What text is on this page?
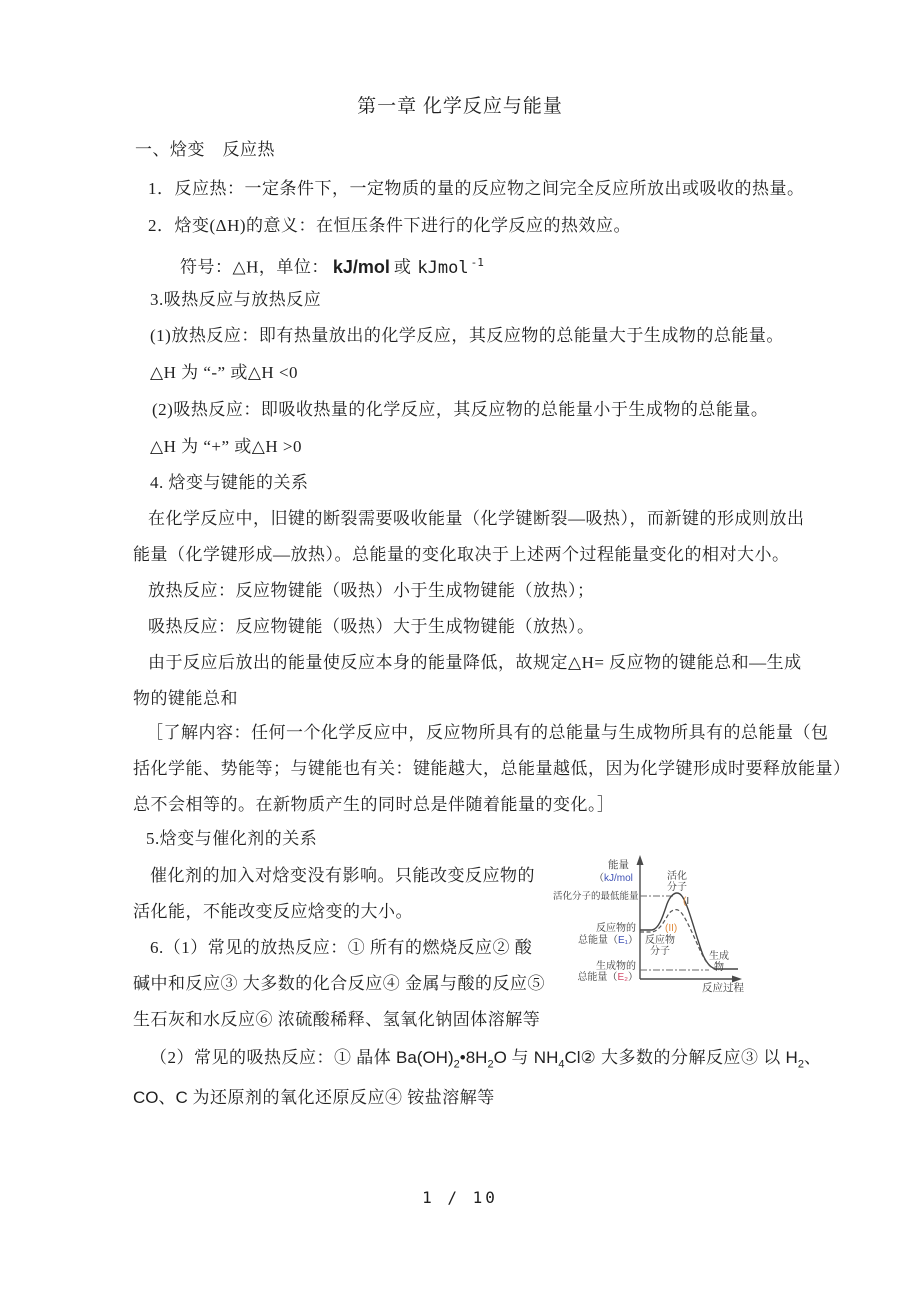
第一章 化学反应与能量
一、焓变　反应热
1．反应热：一定条件下，一定物质的量的反应物之间完全反应所放出或吸收的热量。
2．焓变(ΔH)的意义：在恒压条件下进行的化学反应的热效应。
符号：△H，单位： kJ/mol 或 kJmol $^{-1}$
3.吸热反应与放热反应
(1)放热反应：即有热量放出的化学反应，其反应物的总能量大于生成物的总能量。
△H 为 “-” 或△H <0
(2)吸热反应：即吸收热量的化学反应，其反应物的总能量小于生成物的总能量。
△H 为 “+” 或△H >0
4. 焓变与键能的关系
在化学反应中，旧键的断裂需要吸收能量（化学键断裂—吸热），而新键的形成则放出
能量（化学键形成—放热）。总能量的变化取决于上述两个过程能量变化的相对大小。
放热反应：反应物键能（吸热）小于生成物键能（放热）；
吸热反应：反应物键能（吸热）大于生成物键能（放热）。
由于反应后放出的能量使反应本身的能量降低，故规定△H= 反应物的键能总和—生成
物的键能总和
［了解内容：任何一个化学反应中，反应物所具有的总能量与生成物所具有的总能量（包
括化学能、势能等；与键能也有关：键能越大，总能量越低，因为化学键形成时要释放能量）
总不会相等的。在新物质产生的同时总是伴随着能量的变化。］
5.焓变与催化剂的关系
催化剂的加入对焓变没有影响。只能改变反应物的
活化能，不能改变反应焓变的大小。
6.（1）常见的放热反应：① 所有的燃烧反应② 酸
碱中和反应③ 大多数的化合反应④ 金属与酸的反应⑤
生石灰和水反应⑥ 浓硫酸稀释、氢氧化钠固体溶解等
（2）常见的吸热反应：① 晶体 $Ba(OH)_2•8H_2O$ 与 $NH_4Cl②$ 大多数的分解反应③ 以 $H_2$、
CO、C 为还原剂的氧化还原反应④ 铵盐溶解等
能量
（kJ/mol
活化分子的最低能量
反应物的
总能量（E₁）
活化
分子
(I
(II)
反应物
分子	生成
物
生成物的
总能量（E₂）
反应过程
1 / 10
